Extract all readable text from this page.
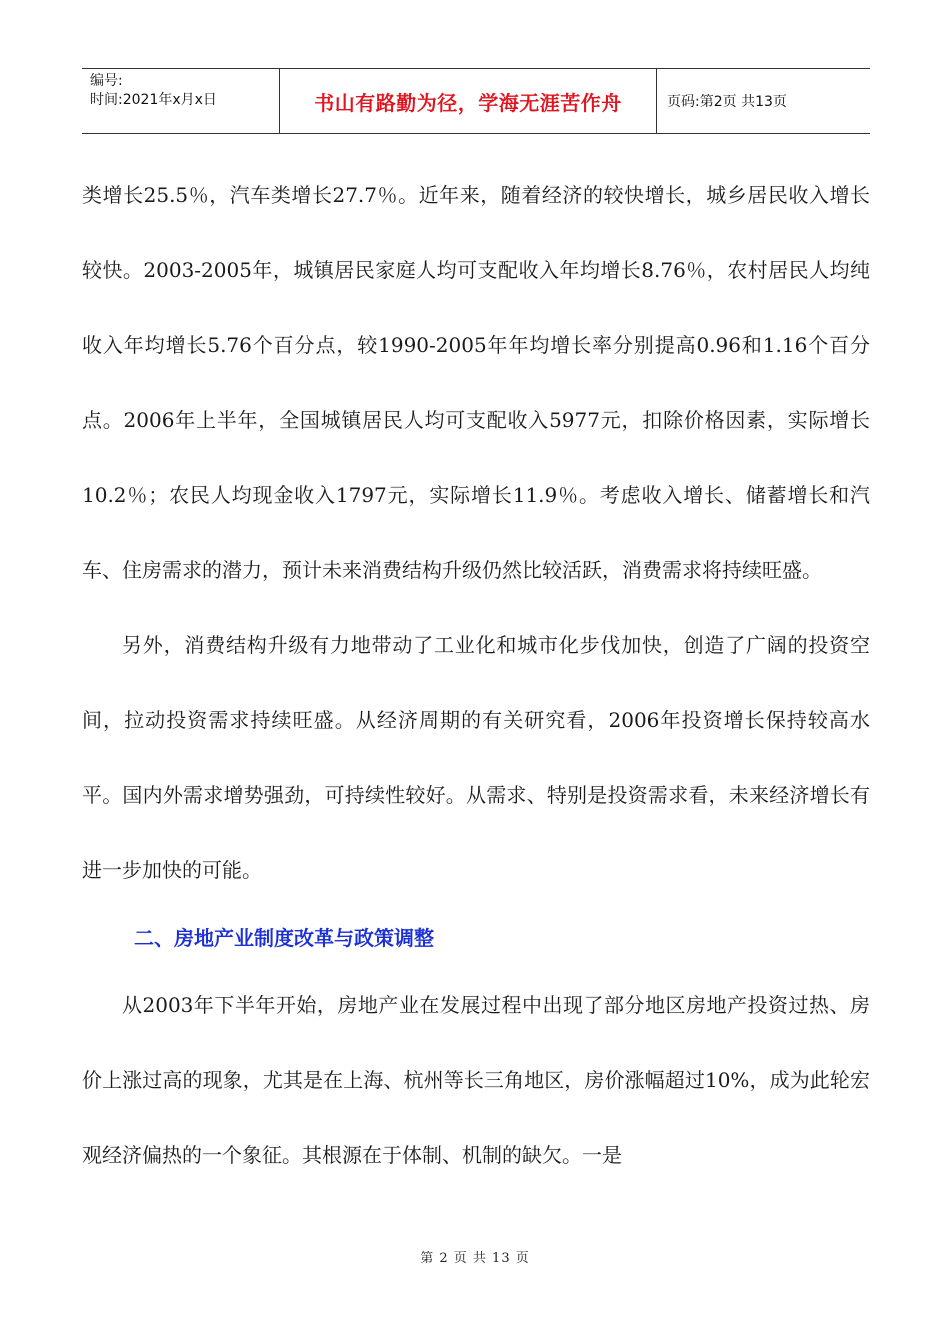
编号:
时间:2021年x月x日	书山有路勤为径，学海无涯苦作舟	页码:第2页 共13页

类增长25.5％，汽车类增长27.7％。近年来，随着经济的较快增长，城乡居民收入增长较快。2003-2005年，城镇居民家庭人均可支配收入年均增长8.76％，农村居民人均纯收入年均增长5.76个百分点，较1990-2005年年均增长率分别提高0.96和1.16个百分点。2006年上半年，全国城镇居民人均可支配收入5977元，扣除价格因素，实际增长10.2％；农民人均现金收入1797元，实际增长11.9％。考虑收入增长、储蓄增长和汽车、住房需求的潜力，预计未来消费结构升级仍然比较活跃，消费需求将持续旺盛。

另外，消费结构升级有力地带动了工业化和城市化步伐加快，创造了广阔的投资空间，拉动投资需求持续旺盛。从经济周期的有关研究看，2006年投资增长保持较高水平。国内外需求增势强劲，可持续性较好。从需求、特别是投资需求看，未来经济增长有进一步加快的可能。

二、房地产业制度改革与政策调整

从2003年下半年开始，房地产业在发展过程中出现了部分地区房地产投资过热、房价上涨过高的现象，尤其是在上海、杭州等长三角地区，房价涨幅超过10%，成为此轮宏观经济偏热的一个象征。其根源在于体制、机制的缺欠。一是

第 2 页 共 13 页
